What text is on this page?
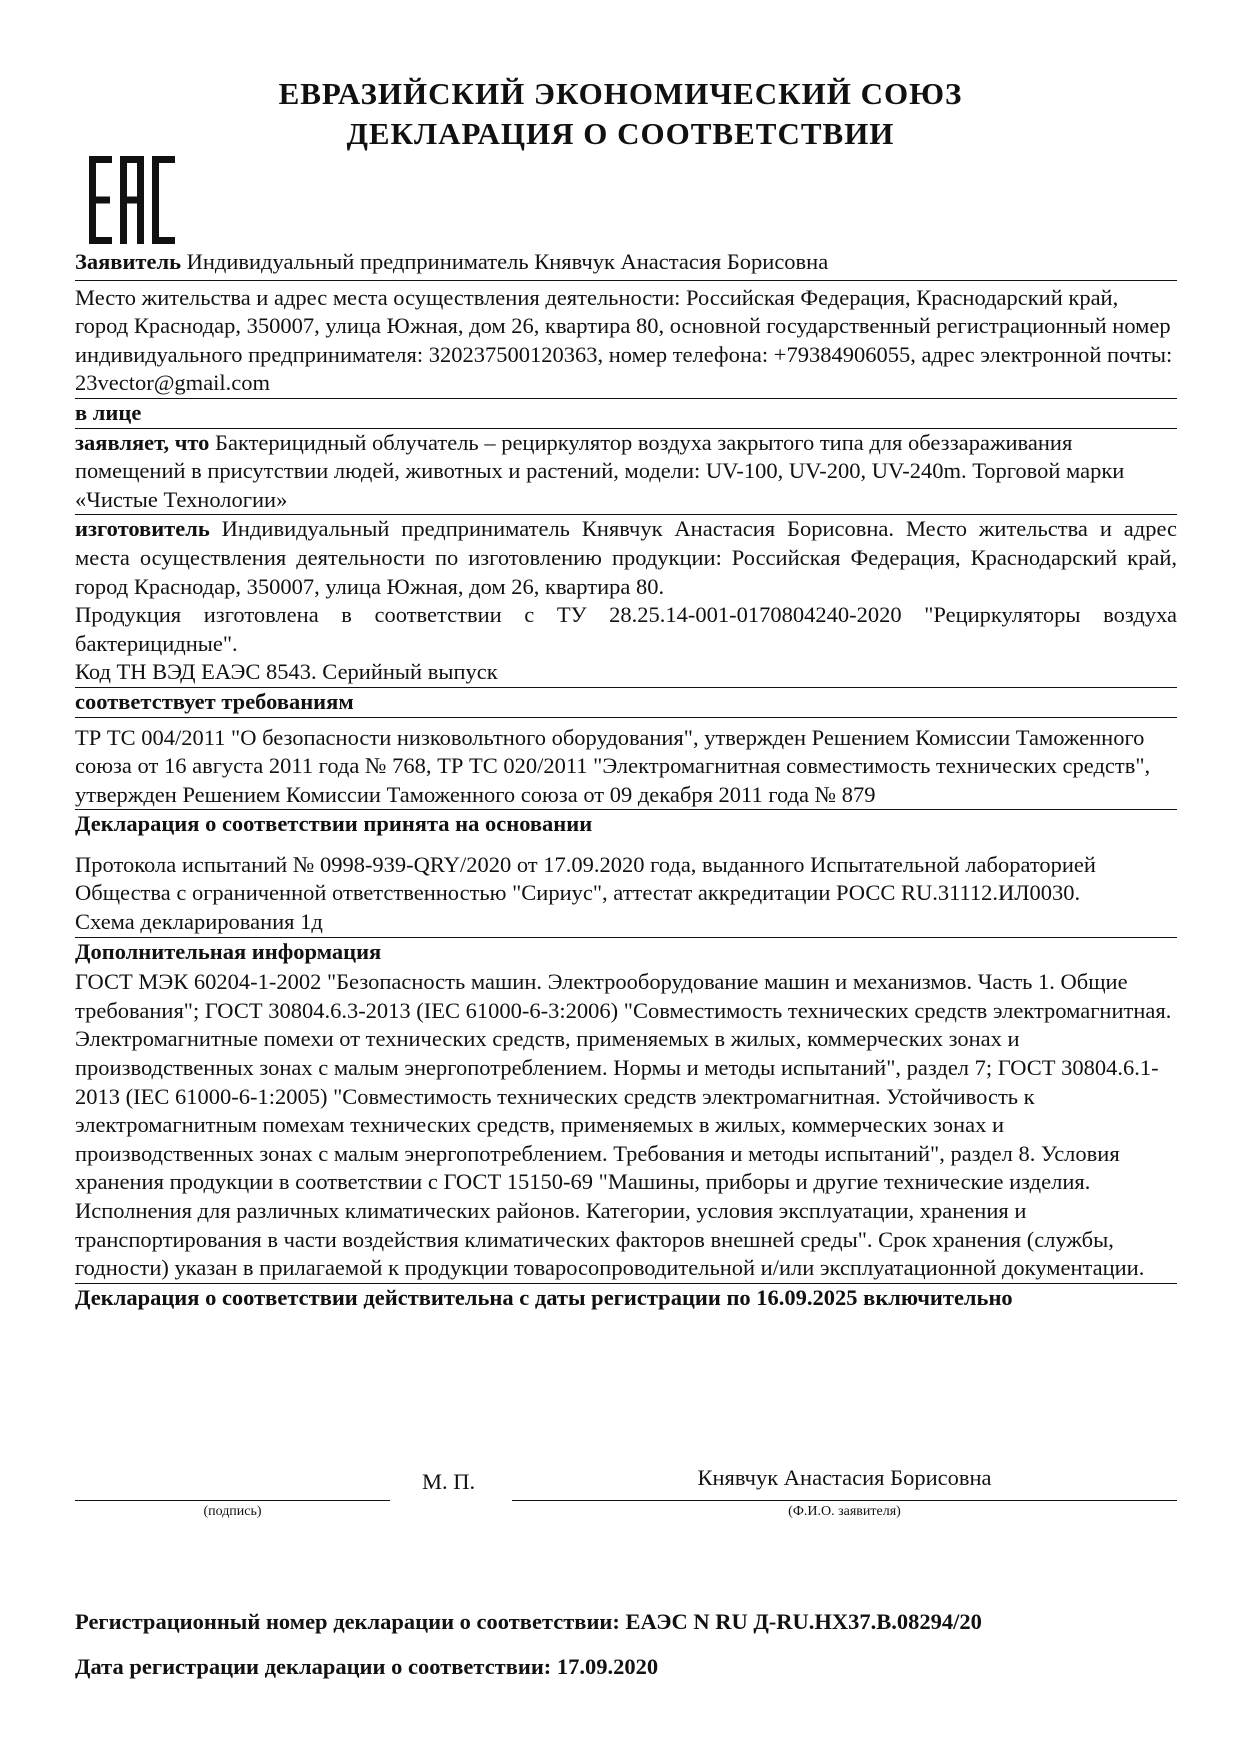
ЕВРАЗИЙСКИЙ ЭКОНОМИЧЕСКИЙ СОЮЗ
ДЕКЛАРАЦИЯ О СООТВЕТСТВИИ

Заявитель Индивидуальный предприниматель Княвчук Анастасия Борисовна

Место жительства и адрес места осуществления деятельности: Российская Федерация, Краснодарский край, город Краснодар, 350007, улица Южная, дом 26, квартира 80, основной государственный регистрационный номер индивидуального предпринимателя: 320237500120363, номер телефона: +79384906055, адрес электронной почты: 23vector@gmail.com

в лице

заявляет, что Бактерицидный облучатель – рециркулятор воздуха закрытого типа для обеззараживания помещений в присутствии людей, животных и растений, модели: UV-100, UV-200, UV-240m. Торговой марки «Чистые Технологии»

изготовитель Индивидуальный предприниматель Княвчук Анастасия Борисовна. Место жительства и адрес места осуществления деятельности по изготовлению продукции: Российская Федерация, Краснодарский край, город Краснодар, 350007, улица Южная, дом 26, квартира 80.

Продукция изготовлена в соответствии с ТУ 28.25.14-001-0170804240-2020 "Рециркуляторы воздуха бактерицидные".

Код ТН ВЭД ЕАЭС 8543. Серийный выпуск

соответствует требованиям

ТР ТС 004/2011 "О безопасности низковольтного оборудования", утвержден Решением Комиссии Таможенного союза от 16 августа 2011 года № 768, ТР ТС 020/2011 "Электромагнитная совместимость технических средств", утвержден Решением Комиссии Таможенного союза от 09 декабря 2011 года № 879

Декларация о соответствии принята на основании

Протокола испытаний № 0998-939-QRY/2020 от 17.09.2020 года, выданного Испытательной лабораторией Общества с ограниченной ответственностью "Сириус", аттестат аккредитации РОСС RU.31112.ИЛ0030.

Схема декларирования 1д

Дополнительная информация

ГОСТ МЭК 60204-1-2002 "Безопасность машин. Электрооборудование машин и механизмов. Часть 1. Общие требования"; ГОСТ 30804.6.3-2013 (IEC 61000-6-3:2006) "Совместимость технических средств электромагнитная. Электромагнитные помехи от технических средств, применяемых в жилых, коммерческих зонах и производственных зонах с малым энергопотреблением. Нормы и методы испытаний", раздел 7; ГОСТ 30804.6.1-2013 (IEC 61000-6-1:2005) "Совместимость технических средств электромагнитная. Устойчивость к электромагнитным помехам технических средств, применяемых в жилых, коммерческих зонах и производственных зонах с малым энергопотреблением. Требования и методы испытаний", раздел 8. Условия хранения продукции в соответствии с ГОСТ 15150-69 "Машины, приборы и другие технические изделия. Исполнения для различных климатических районов. Категории, условия эксплуатации, хранения и транспортирования в части воздействия климатических факторов внешней среды". Срок хранения (службы, годности) указан в прилагаемой к продукции товаросопроводительной и/или эксплуатационной документации.

Декларация о соответствии действительна с даты регистрации по 16.09.2025 включительно

М. П.	Княвчук Анастасия Борисовна
(подпись)	(Ф.И.О. заявителя)
Регистрационный номер декларации о соответствии: ЕАЭС N RU Д-RU.НХ37.В.08294/20
Дата регистрации декларации о соответствии: 17.09.2020
